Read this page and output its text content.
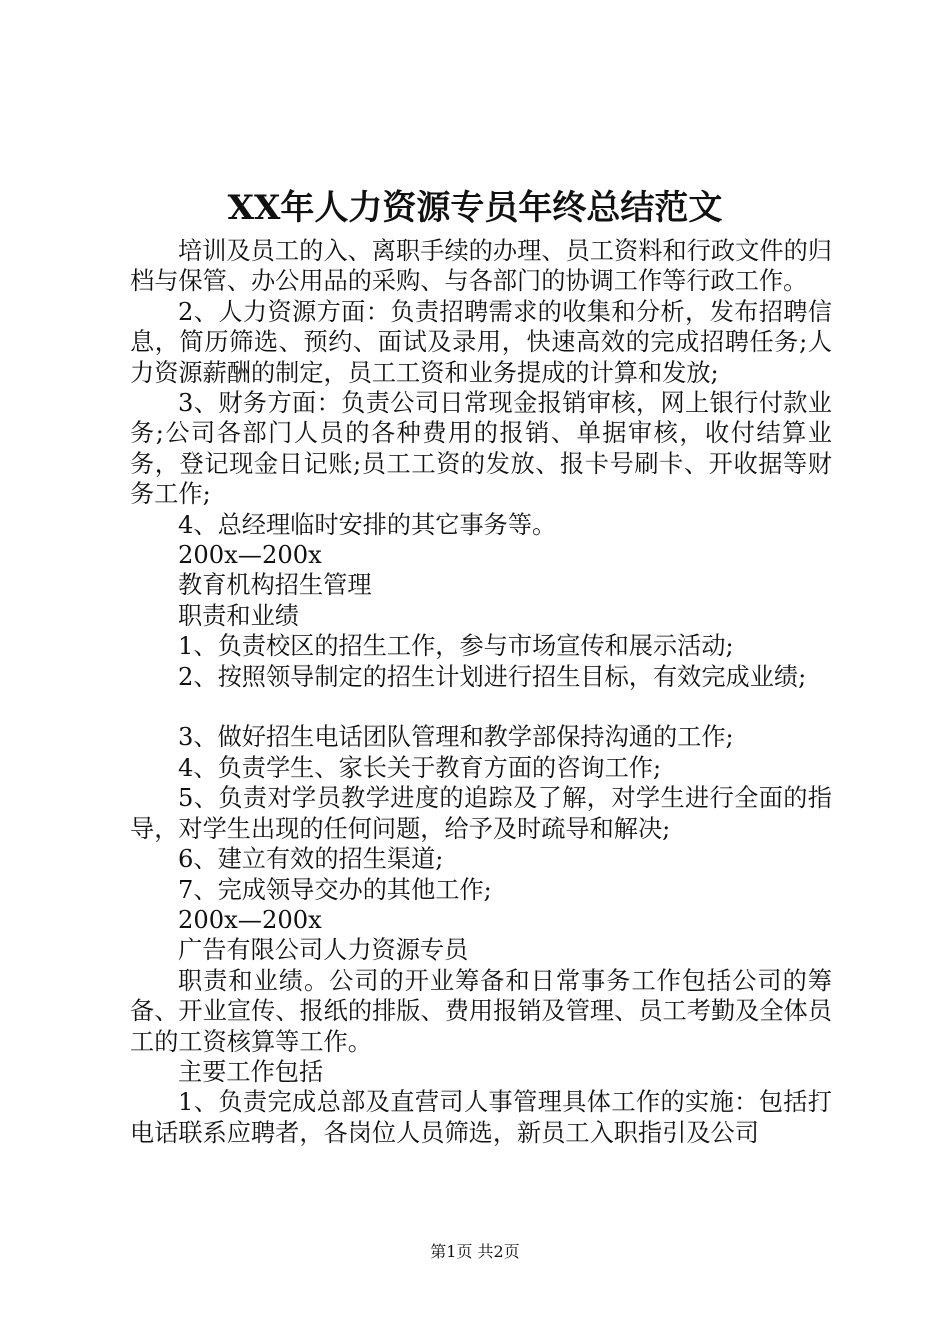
XX年人力资源专员年终总结范文

培训及员工的入、离职手续的办理、员工资料和行政文件的归档与保管、办公用品的采购、与各部门的协调工作等行政工作。

2、人力资源方面：负责招聘需求的收集和分析，发布招聘信息，简历筛选、预约、面试及录用，快速高效的完成招聘任务;人力资源薪酬的制定，员工工资和业务提成的计算和发放;

3、财务方面：负责公司日常现金报销审核，网上银行付款业务;公司各部门人员的各种费用的报销、单据审核，收付结算业务，登记现金日记账;员工工资的发放、报卡号刷卡、开收据等财务工作;

4、总经理临时安排的其它事务等。

200x—200x

教育机构招生管理

职责和业绩

1、负责校区的招生工作，参与市场宣传和展示活动;

2、按照领导制定的招生计划进行招生目标，有效完成业绩;

3、做好招生电话团队管理和教学部保持沟通的工作;

4、负责学生、家长关于教育方面的咨询工作;

5、负责对学员教学进度的追踪及了解，对学生进行全面的指导，对学生出现的任何问题，给予及时疏导和解决;

6、建立有效的招生渠道;

7、完成领导交办的其他工作;

200x—200x

广告有限公司人力资源专员

职责和业绩。公司的开业筹备和日常事务工作包括公司的筹备、开业宣传、报纸的排版、费用报销及管理、员工考勤及全体员工的工资核算等工作。

主要工作包括

1、负责完成总部及直营司人事管理具体工作的实施：包括打电话联系应聘者，各岗位人员筛选，新员工入职指引及公司

第1页 共2页
